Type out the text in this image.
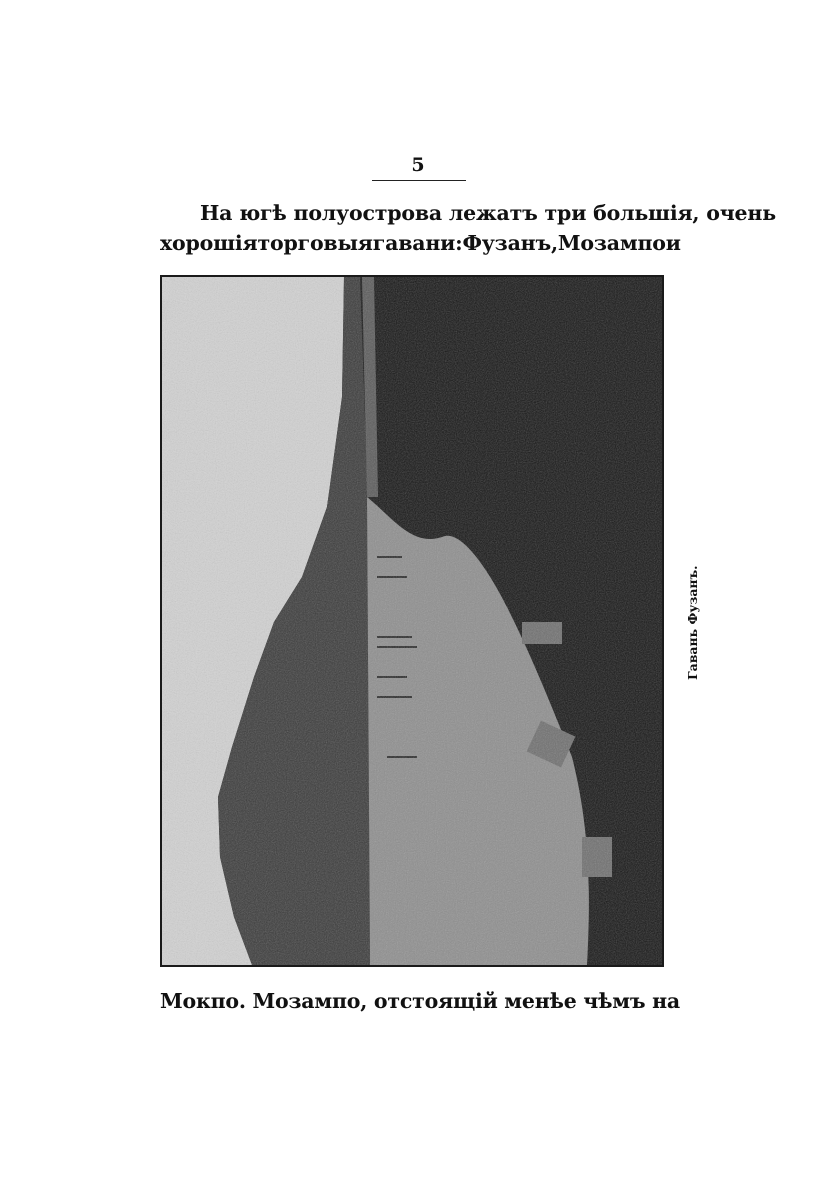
5
На югѣ полуострова лежатъ три большія, очень
хорошія торговыя гавани: Фузанъ, Мозампо и
Гавань Фузанъ.
Мокпо. Мозампо, отстоящій менѣе чѣмъ на
